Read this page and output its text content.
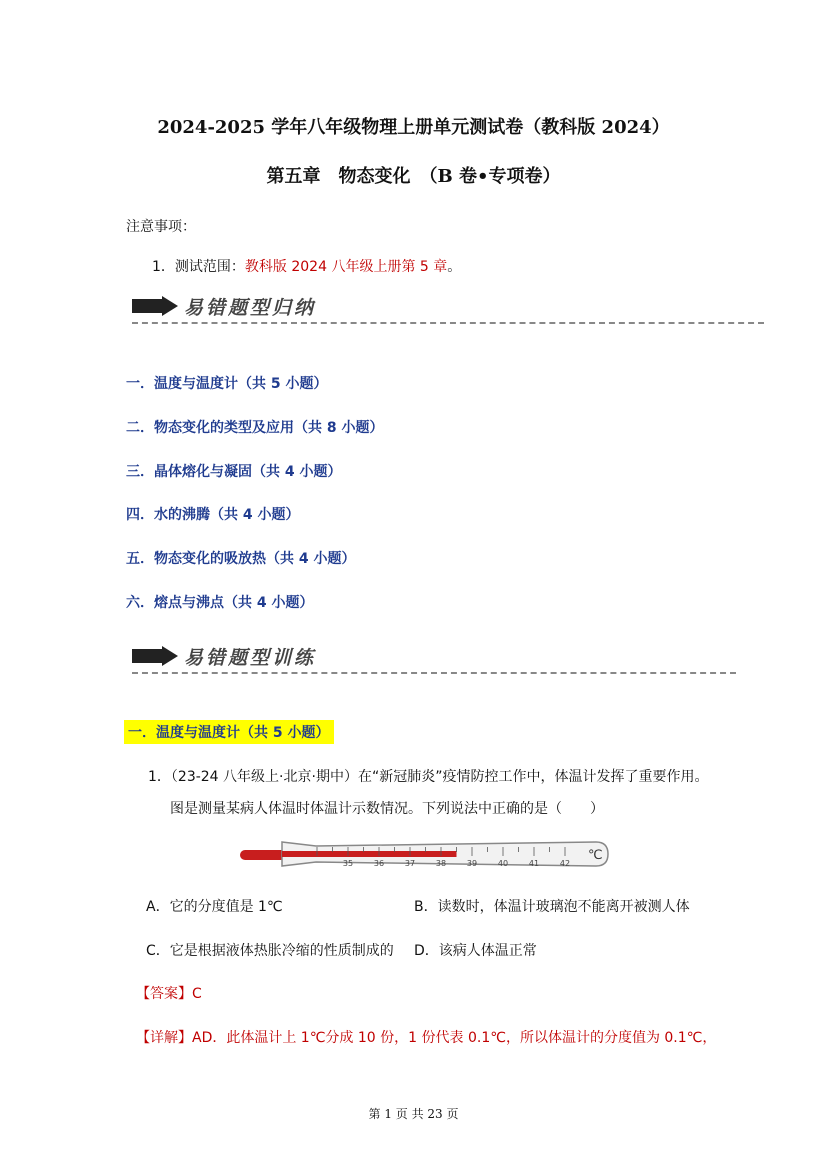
2024-2025 学年八年级物理上册单元测试卷（教科版 2024）
第五章　物态变化　（B 卷•专项卷）
注意事项：
1．测试范围：教科版 2024 八年级上册第 5 章。
易错题型归纳
一．温度与温度计（共 5 小题）
二．物态变化的类型及应用（共 8 小题）
三．晶体熔化与凝固（共 4 小题）
四．水的沸腾（共 4 小题）
五．物态变化的吸放热（共 4 小题）
六．熔点与沸点（共 4 小题）
易错题型训练
一．温度与温度计（共 5 小题）
1．（23-24 八年级上·北京·期中）在“新冠肺炎”疫情防控工作中，体温计发挥了重要作用。
图是测量某病人体温时体温计示数情况。下列说法中正确的是（　　）
35	36	37	38	39	40	41	42
℃
A．它的分度值是 1℃	B．读数时，体温计玻璃泡不能离开被测人体
C．它是根据液体热胀冷缩的性质制成的 D．该病人体温正常
【答案】C
【详解】AD．此体温计上 1℃分成 10 份，1 份代表 0.1℃，所以体温计的分度值为 0.1℃，
第 1 页 共 23 页
